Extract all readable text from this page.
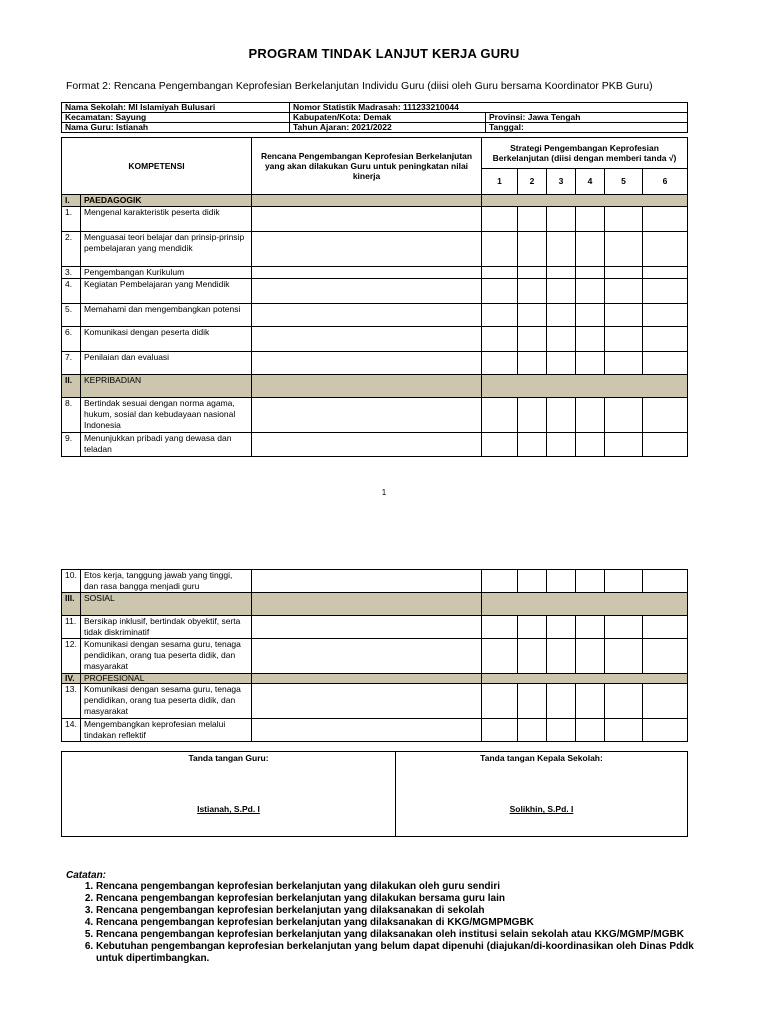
PROGRAM TINDAK LANJUT KERJA GURU
Format 2: Rencana Pengembangan Keprofesian Berkelanjutan Individu Guru (diisi oleh Guru bersama Koordinator PKB Guru)
Nama Sekolah: MI Islamiyah Bulusari	Nomor Statistik Madrasah: 111233210044	

Kecamatan: Sayung	Kabupaten/Kota: Demak	Provinsi: Jawa Tengah
Nama Guru: Istianah	Tahun Ajaran: 2021/2022	Tanggal:
KOMPETENSI		Rencana Pengembangan Keprofesian Berkelanjutan yang akan dilakukan Guru untuk peningkatan nilai kinerja	Strategi Pengembangan Keprofesian Berkelanjutan (diisi dengan memberi tanda √)					
			1	2	3	4	5	6
I.	PAEDAGOGIK							
1.	Mengenal karakteristik peserta didik							
2.	Menguasai teori belajar dan prinsip-prinsip pembelajaran yang mendidik							
3.	Pengembangan Kurikulum							
4.	Kegiatan Pembelajaran yang Mendidik							
5.	Memahami dan mengembangkan potensi							
6.	Komunikasi dengan peserta didik							
7.	Penilaian dan evaluasi							
II.	KEPRIBADIAN							
8.	Bertindak sesuai dengan norma agama, hukum, sosial dan kebudayaan nasional Indonesia							
9.	Menunjukkan pribadi yang dewasa dan teladan							
1
10.	Etos kerja, tanggung jawab yang tinggi, dan rasa bangga menjadi guru							
III.	SOSIAL							
11.	Bersikap inklusif, bertindak obyektif, serta tidak diskriminatif							
12.	Komunikasi dengan sesama guru, tenaga pendidikan, orang tua peserta didik, dan masyarakat							
IV.	PROFESIONAL							
13.	Komunikasi dengan sesama guru, tenaga pendidikan, orang tua peserta didik, dan masyarakat							
14.	Mengembangkan keprofesian melalui tindakan reflektif							
Tanda tangan Guru:
Istianah, S.Pd. I

Tanda tangan Kepala Sekolah:
Solikhin, S.Pd. I
Catatan:
1. Rencana pengembangan keprofesian berkelanjutan yang dilakukan oleh guru sendiri
2. Rencana pengembangan keprofesian berkelanjutan yang dilakukan bersama guru lain
3. Rencana pengembangan keprofesian berkelanjutan yang dilaksanakan di sekolah
4. Rencana pengembangan keprofesian berkelanjutan yang dilaksanakan di KKG/MGMPMGBK
5. Rencana pengembangan keprofesian berkelanjutan yang dilaksanakan oleh institusi selain sekolah atau KKG/MGMP/MGBK
6. Kebutuhan pengembangan keprofesian berkelanjutan yang belum dapat dipenuhi (diajukan/di-koordinasikan oleh Dinas Pddk untuk dipertimbangkan.
